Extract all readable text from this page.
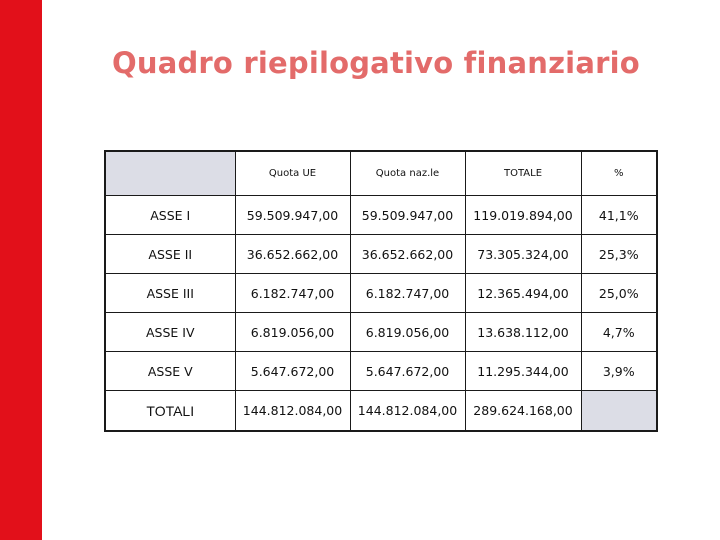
Quadro riepilogativo finanziario
	Quota UE	Quota naz.le	TOTALE	%
ASSE I	59.509.947,00	59.509.947,00	119.019.894,00	41,1%
ASSE II	36.652.662,00	36.652.662,00	73.305.324,00	25,3%
ASSE III	6.182.747,00	6.182.747,00	12.365.494,00	25,0%
ASSE IV	6.819.056,00	6.819.056,00	13.638.112,00	4,7%
ASSE V	5.647.672,00	5.647.672,00	11.295.344,00	3,9%
TOTALI	144.812.084,00	144.812.084,00	289.624.168,00	
